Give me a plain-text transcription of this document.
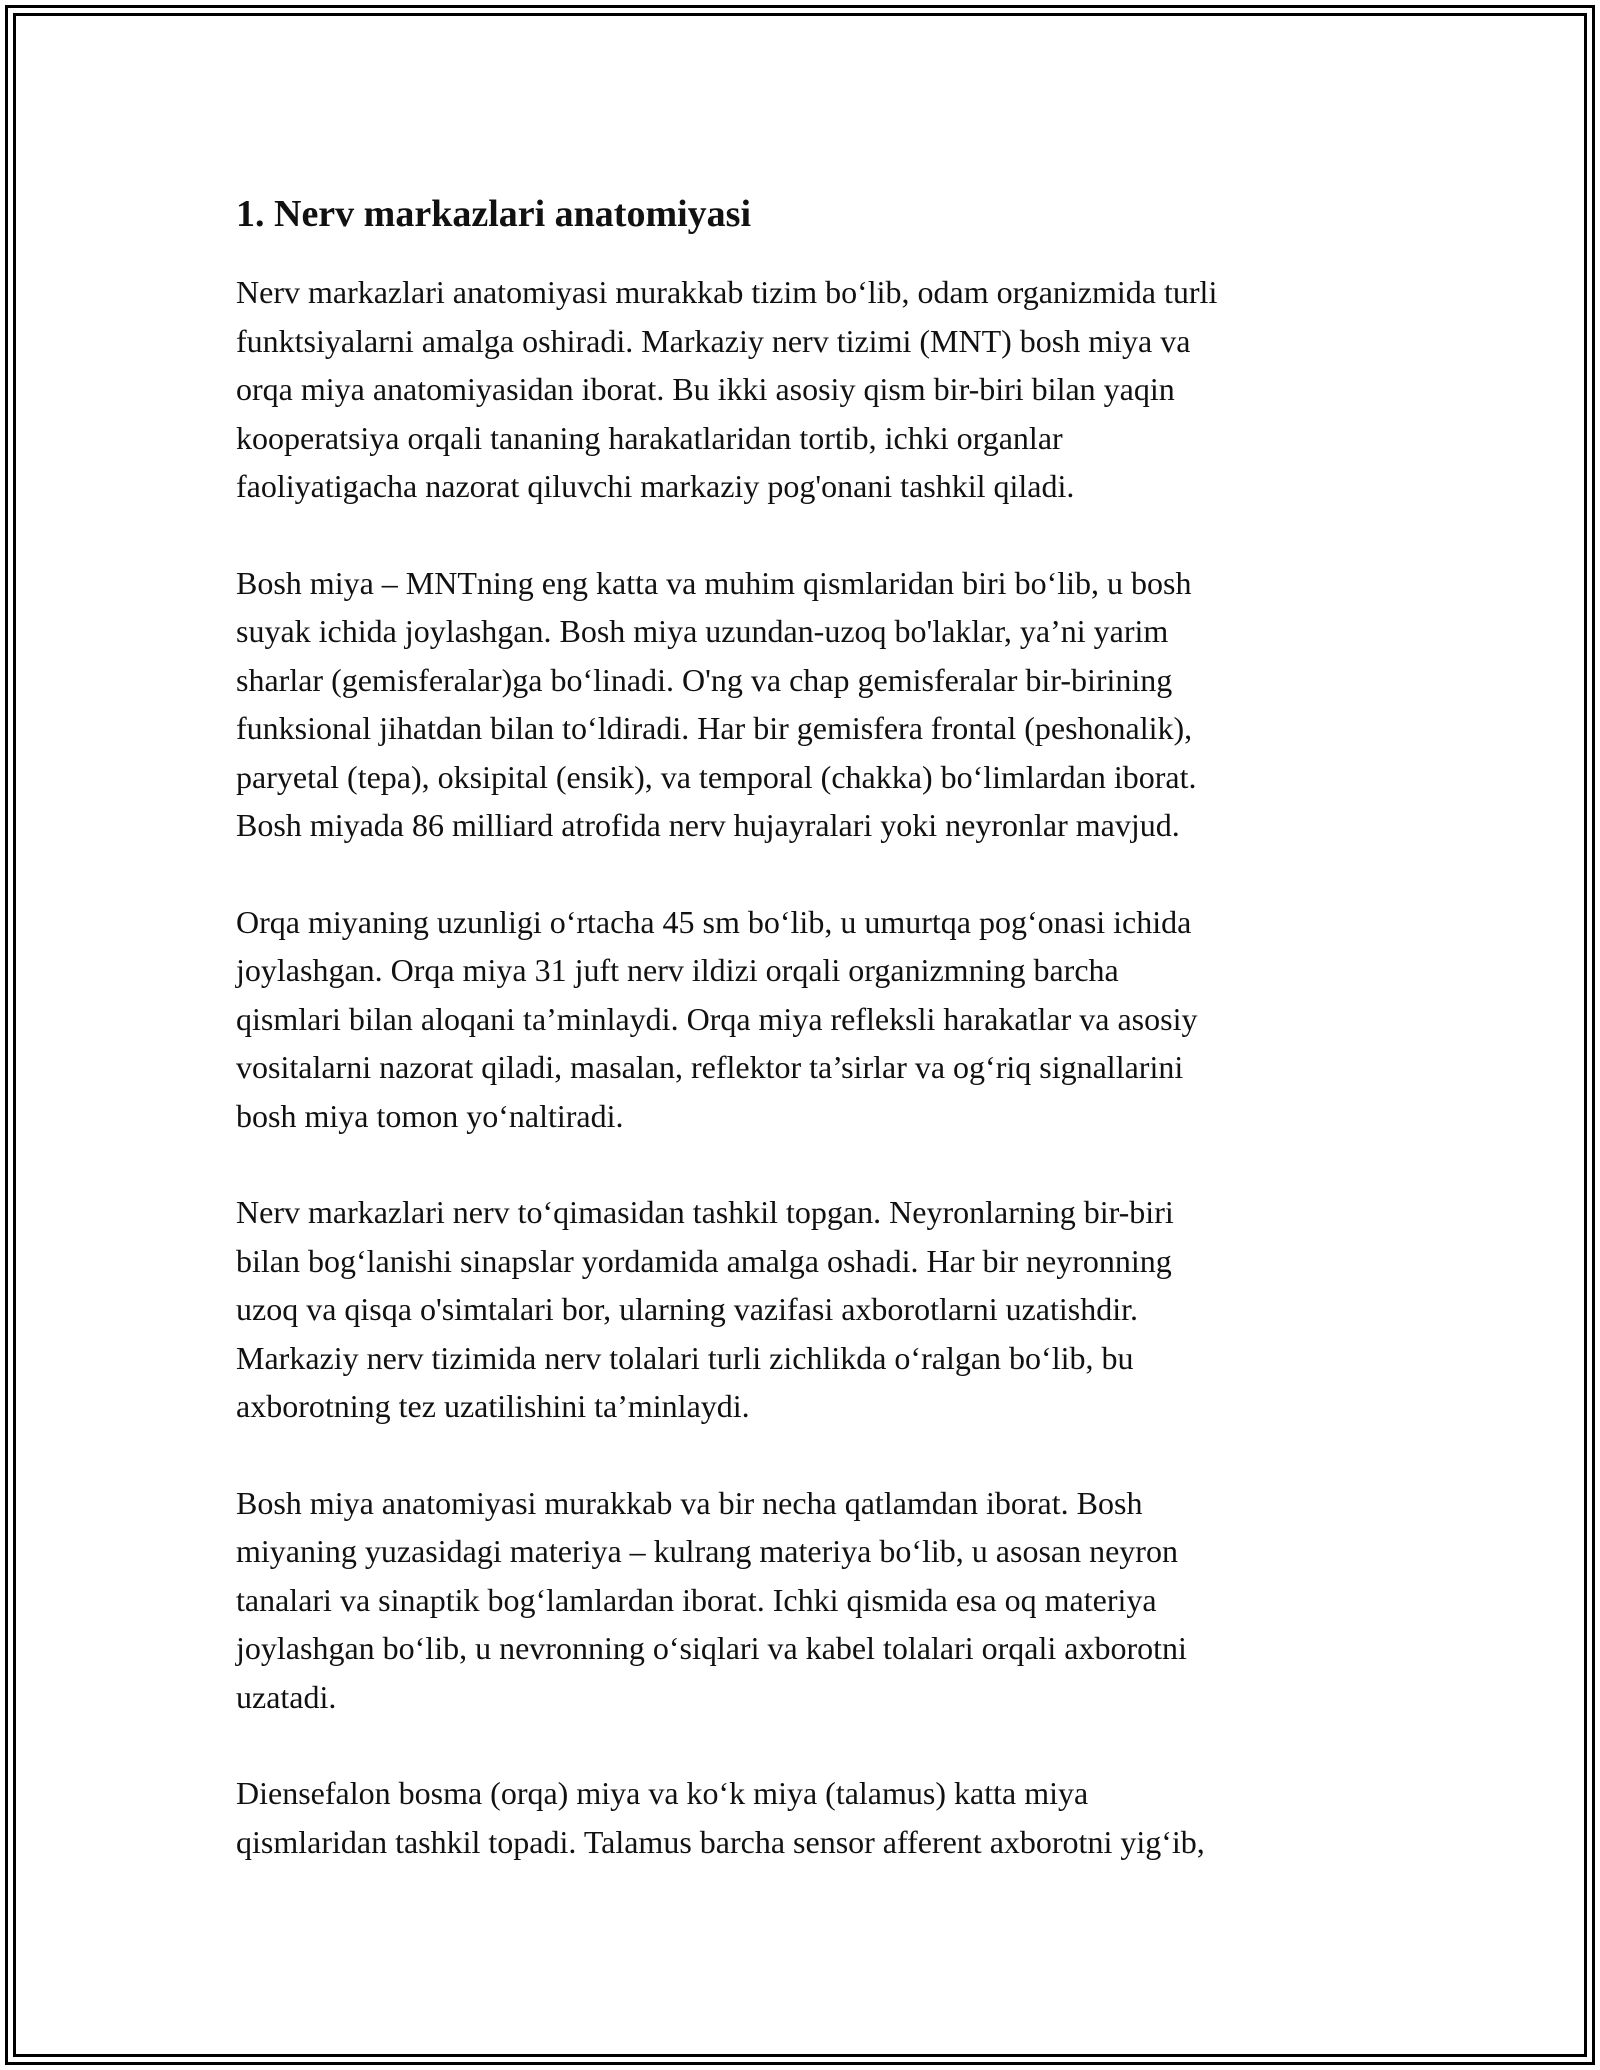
1. Nerv markazlari anatomiyasi

Nerv markazlari anatomiyasi murakkab tizim bo‘lib, odam organizmida turli
funktsiyalarni amalga oshiradi. Markaziy nerv tizimi (MNT) bosh miya va
orqa miya anatomiyasidan iborat. Bu ikki asosiy qism bir-biri bilan yaqin
kooperatsiya orqali tananing harakatlaridan tortib, ichki organlar
faoliyatigacha nazorat qiluvchi markaziy pog'onani tashkil qiladi.

Bosh miya – MNTning eng katta va muhim qismlaridan biri bo‘lib, u bosh
suyak ichida joylashgan. Bosh miya uzundan-uzoq bo'laklar, ya’ni yarim
sharlar (gemisferalar)ga bo‘linadi. O'ng va chap gemisferalar bir-birining
funksional jihatdan bilan to‘ldiradi. Har bir gemisfera frontal (peshonalik),
paryetal (tepa), oksipital (ensik), va temporal (chakka) bo‘limlardan iborat.
Bosh miyada 86 milliard atrofida nerv hujayralari yoki neyronlar mavjud.

Orqa miyaning uzunligi o‘rtacha 45 sm bo‘lib, u umurtqa pog‘onasi ichida
joylashgan. Orqa miya 31 juft nerv ildizi orqali organizmning barcha
qismlari bilan aloqani ta’minlaydi. Orqa miya refleksli harakatlar va asosiy
vositalarni nazorat qiladi, masalan, reflektor ta’sirlar va og‘riq signallarini
bosh miya tomon yo‘naltiradi.

Nerv markazlari nerv to‘qimasidan tashkil topgan. Neyronlarning bir-biri
bilan bog‘lanishi sinapslar yordamida amalga oshadi. Har bir neyronning
uzoq va qisqa o'simtalari bor, ularning vazifasi axborotlarni uzatishdir.
Markaziy nerv tizimida nerv tolalari turli zichlikda o‘ralgan bo‘lib, bu
axborotning tez uzatilishini ta’minlaydi.

Bosh miya anatomiyasi murakkab va bir necha qatlamdan iborat. Bosh
miyaning yuzasidagi materiya – kulrang materiya bo‘lib, u asosan neyron
tanalari va sinaptik bog‘lamlardan iborat. Ichki qismida esa oq materiya
joylashgan bo‘lib, u nevronning o‘siqlari va kabel tolalari orqali axborotni
uzatadi.

Diensefalon bosma (orqa) miya va ko‘k miya (talamus) katta miya
qismlaridan tashkil topadi. Talamus barcha sensor afferent axborotni yig‘ib,
